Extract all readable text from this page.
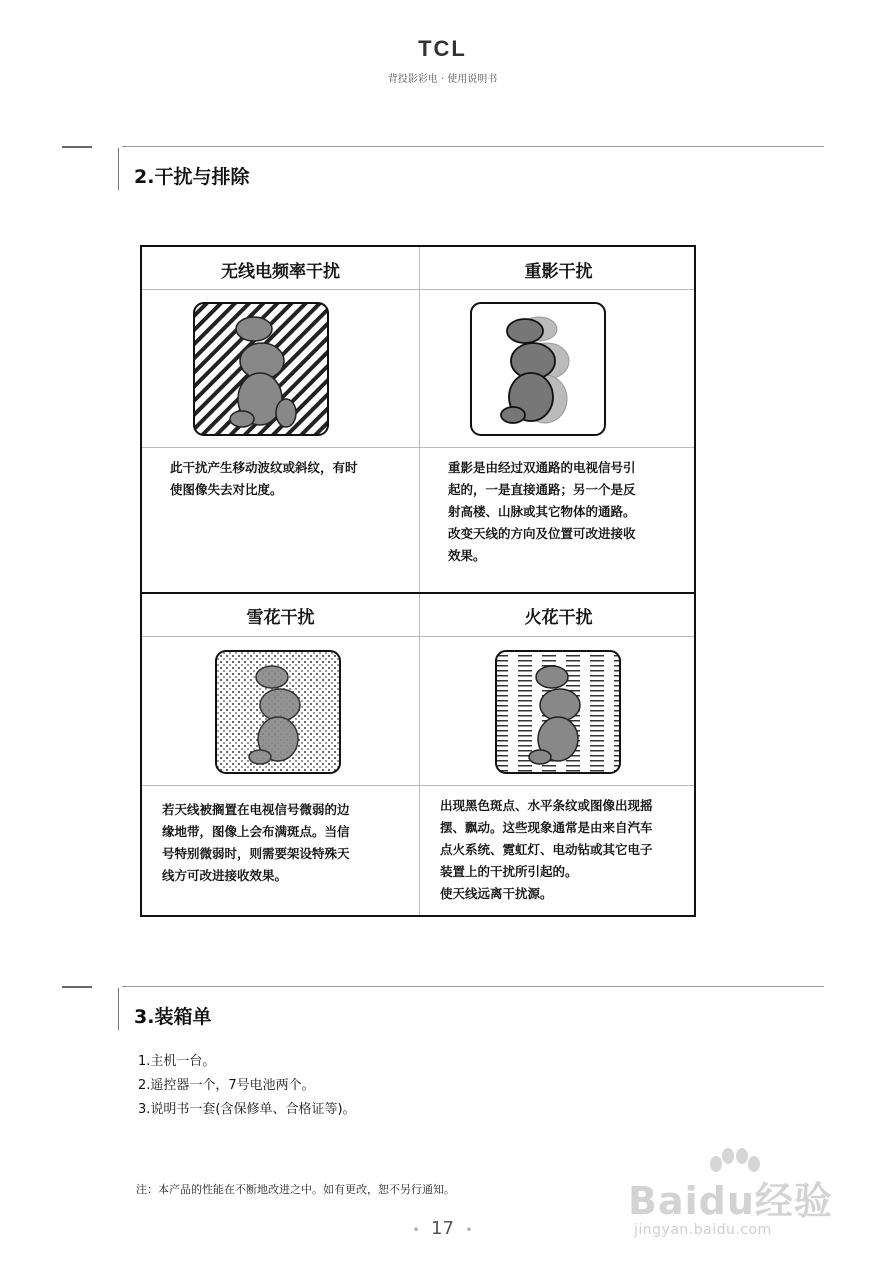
TCL
背投影彩电 · 使用说明书
2.干扰与排除
无线电频率干扰
此干扰产生移动波纹或斜纹，有时
使图像失去对比度。
重影干扰
重影是由经过双通路的电视信号引
起的，一是直接通路；另一个是反
射高楼、山脉或其它物体的通路。
改变天线的方向及位置可改进接收
效果。
雪花干扰
若天线被搁置在电视信号微弱的边
缘地带，图像上会布满斑点。当信
号特别微弱时，则需要架设特殊天
线方可改进接收效果。
火花干扰
出现黑色斑点、水平条纹或图像出现摇
摆、飘动。这些现象通常是由来自汽车
点火系统、霓虹灯、电动钻或其它电子
装置上的干扰所引起的。
使天线远离干扰源。
3.装箱单
1.主机一台。
2.遥控器一个，7号电池两个。
3.说明书一套(含保修单、合格证等)。
注：本产品的性能在不断地改进之中。如有更改，恕不另行通知。
• 17 •
Baidu经验
jingyan.baidu.com
